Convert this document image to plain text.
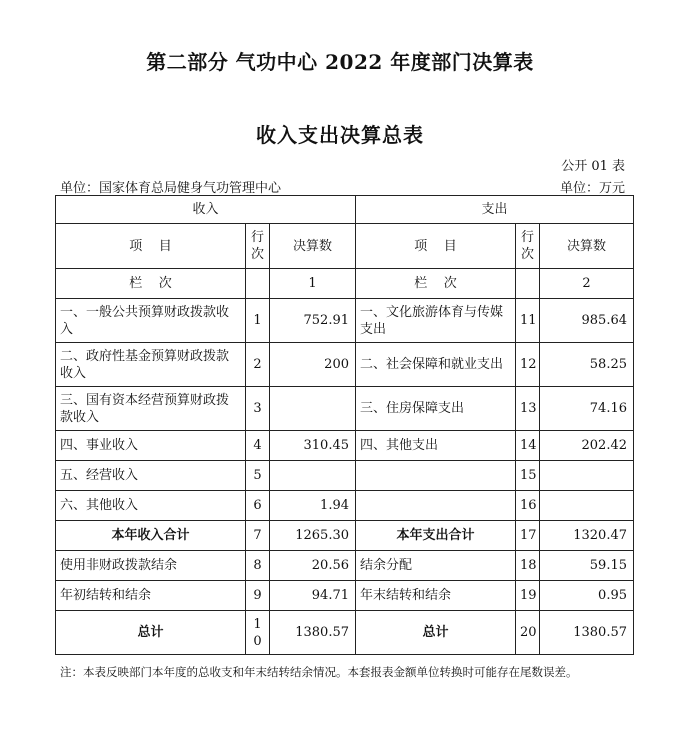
第二部分 气功中心 2022 年度部门决算表
收入支出决算总表
公开 01 表
单位：国家体育总局健身气功管理中心	单位：万元
收入			支出		
项    目	行次	决算数	项    目	行次	决算数
栏    次		1	栏    次		2
一、一般公共预算财政拨款收入	1	752.91	一、文化旅游体育与传媒支出	11	985.64
二、政府性基金预算财政拨款收入	2	200	二、社会保障和就业支出	12	58.25
三、国有资本经营预算财政拨款收入	3		三、住房保障支出	13	74.16
四、事业收入	4	310.45	四、其他支出	14	202.42
五、经营收入	5			15	
六、其他收入	6	1.94		16	
本年收入合计	7	1265.30	本年支出合计	17	1320.47
使用非财政拨款结余	8	20.56	结余分配	18	59.15
年初结转和结余	9	94.71	年末结转和结余	19	0.95
总计	10	1380.57	总计	20	1380.57
注：本表反映部门本年度的总收支和年末结转结余情况。本套报表金额单位转换时可能存在尾数误差。
